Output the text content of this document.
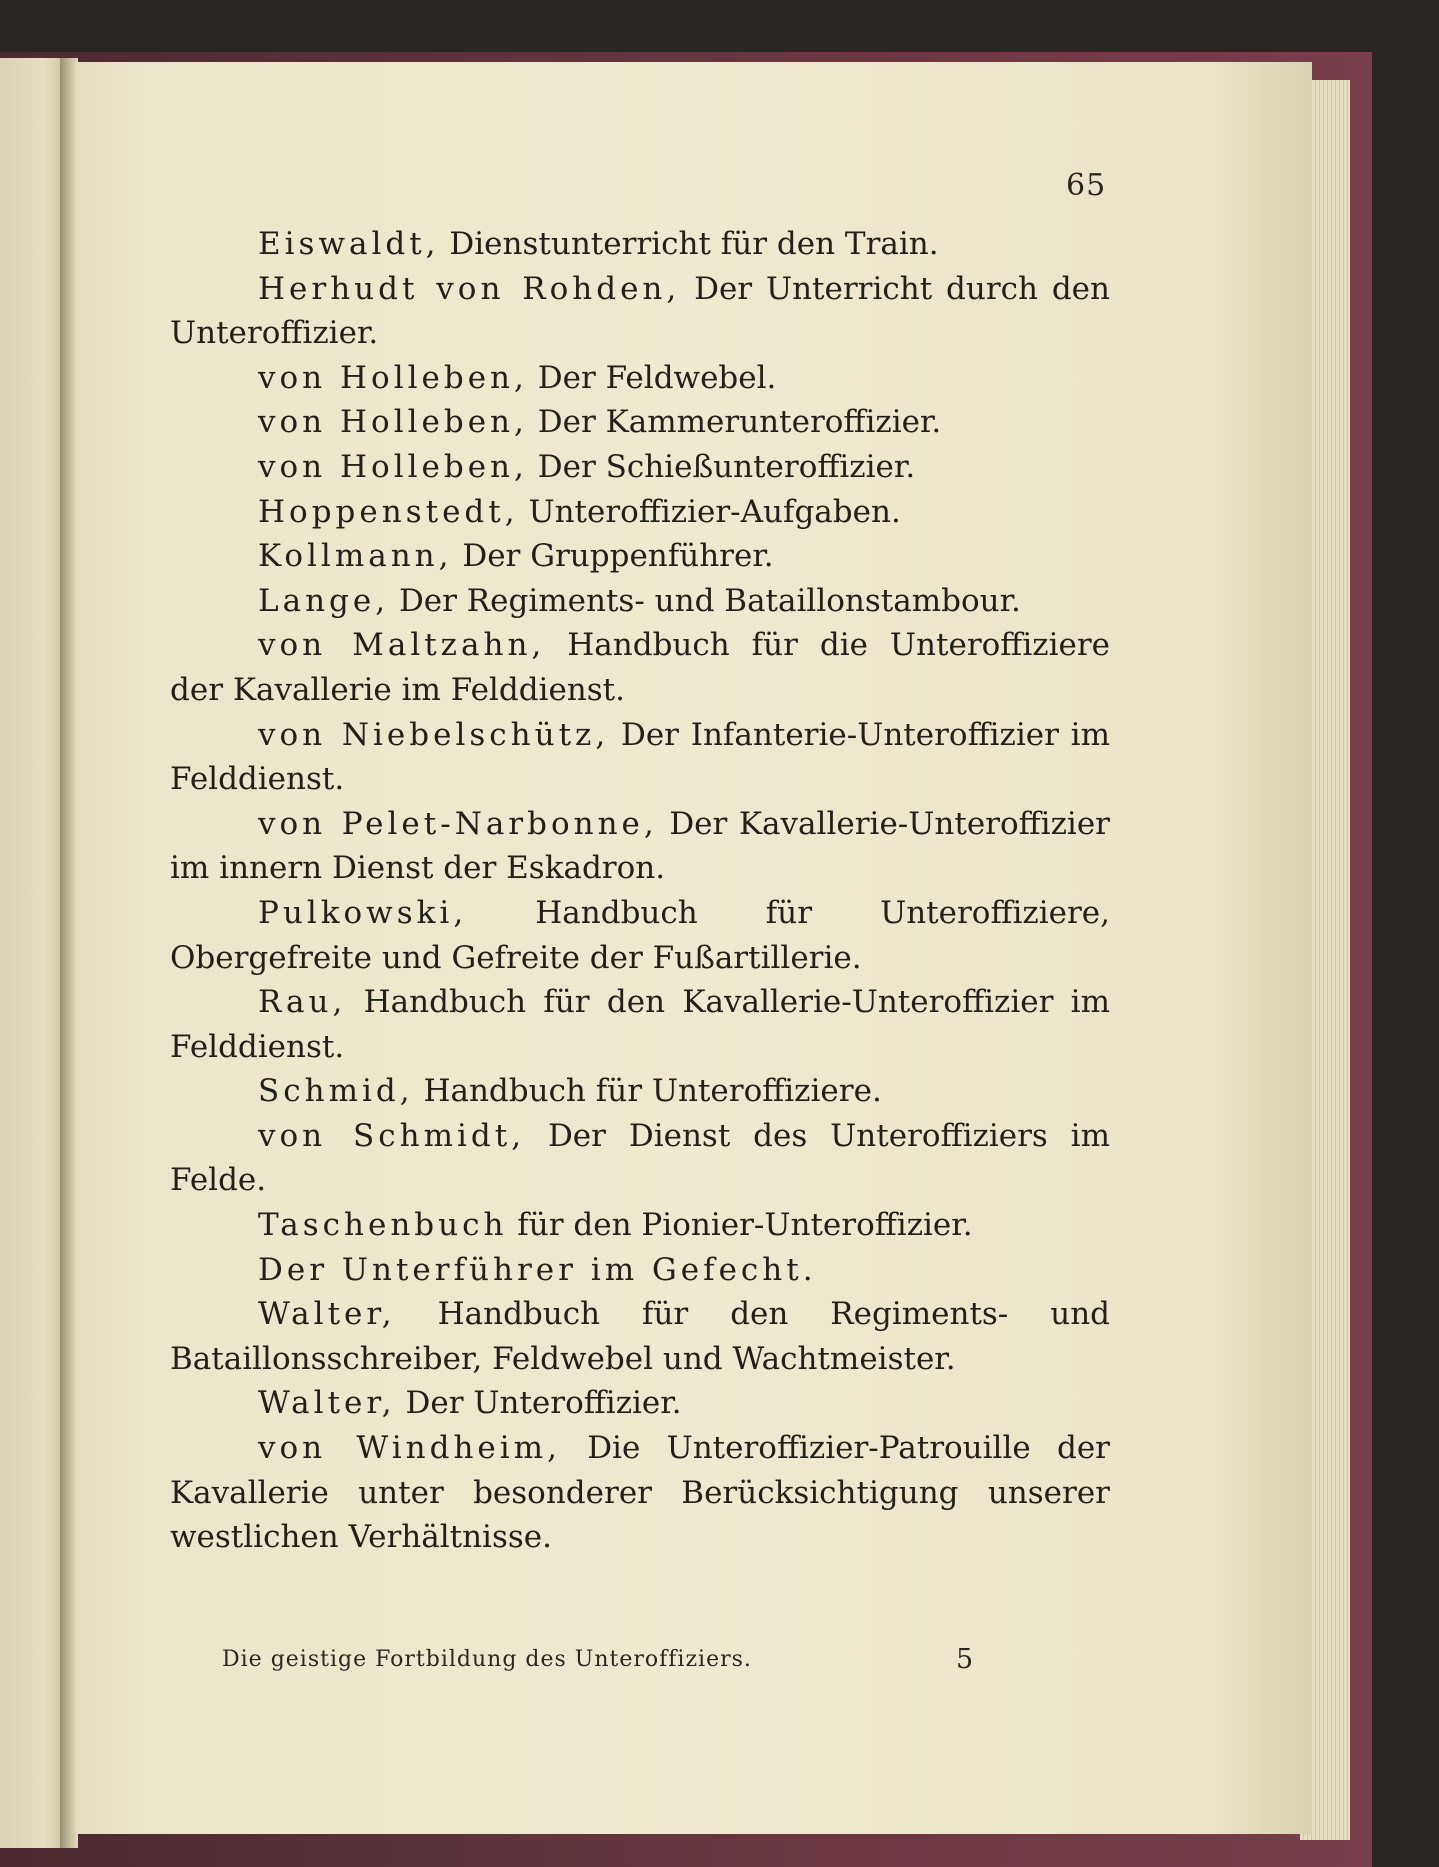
65

Eiswaldt, Dienstunterricht für den Train.

Herhudt von Rohden, Der Unterricht durch den Unteroffizier.

von Holleben, Der Feldwebel.

von Holleben, Der Kammerunteroffizier.

von Holleben, Der Schießunteroffizier.

Hoppenstedt, Unteroffizier-Aufgaben.

Kollmann, Der Gruppenführer.

Lange, Der Regiments- und Bataillonstambour.

von Maltzahn, Handbuch für die Unteroffiziere der Kavallerie im Felddienst.

von Niebelschütz, Der Infanterie-Unteroffizier im Felddienst.

von Pelet-Narbonne, Der Kavallerie-Unteroffizier im innern Dienst der Eskadron.

Pulkowski, Handbuch für Unteroffiziere, Obergefreite und Gefreite der Fußartillerie.

Rau, Handbuch für den Kavallerie-Unteroffizier im Felddienst.

Schmid, Handbuch für Unteroffiziere.

von Schmidt, Der Dienst des Unteroffiziers im Felde.

Taschenbuch für den Pionier-Unteroffizier.

Der Unterführer im Gefecht.

Walter, Handbuch für den Regiments- und Bataillonsschreiber, Feldwebel und Wachtmeister.

Walter, Der Unteroffizier.

von Windheim, Die Unteroffizier-Patrouille der Kavallerie unter besonderer Berücksichtigung unserer westlichen Verhältnisse.

Die geistige Fortbildung des Unteroffiziers.	5
